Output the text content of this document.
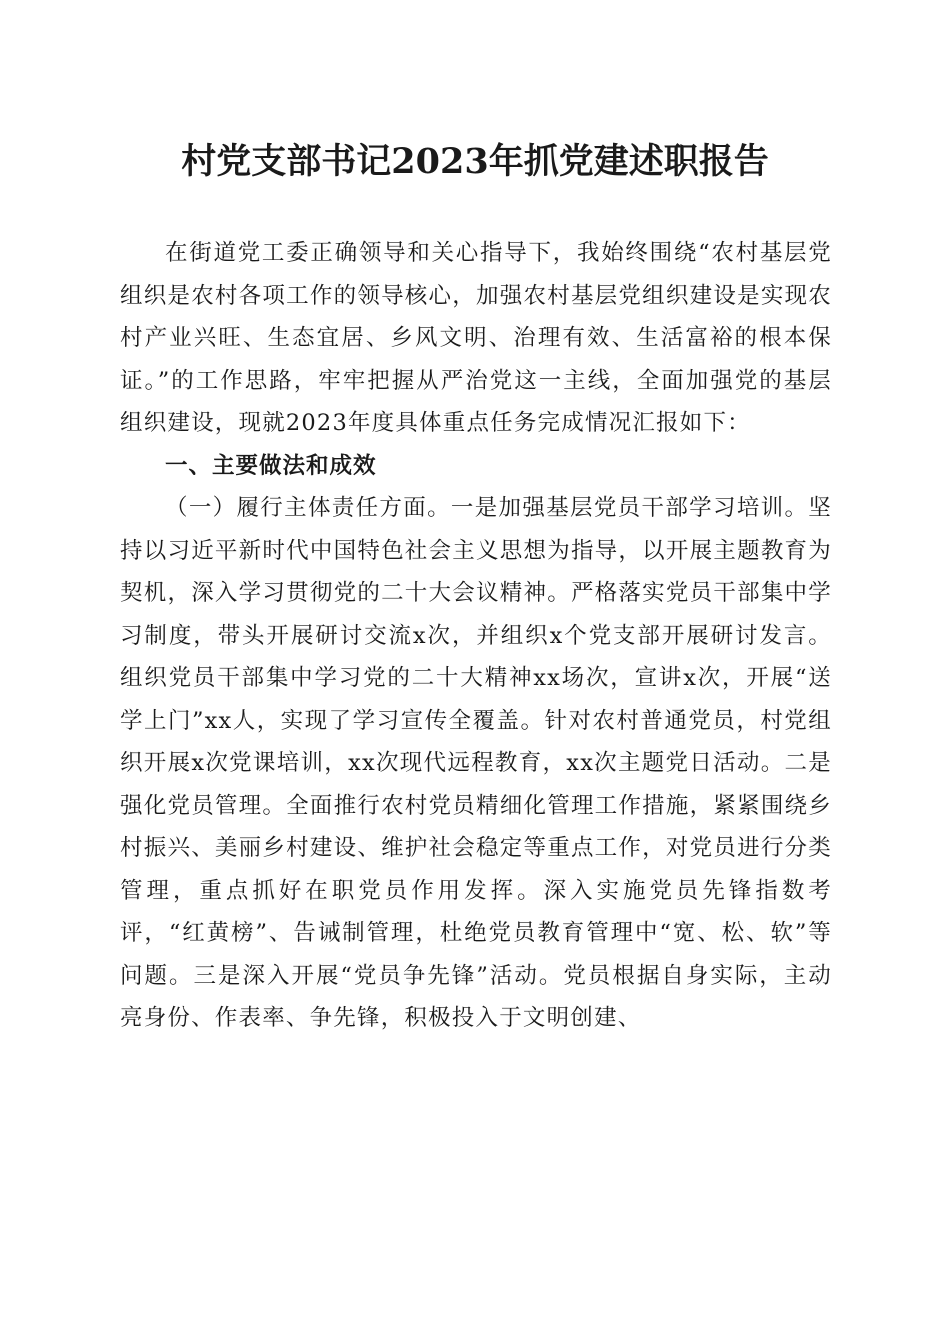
村党支部书记2023年抓党建述职报告

在街道党工委正确领导和关心指导下，我始终围绕“农村基层党组织是农村各项工作的领导核心，加强农村基层党组织建设是实现农村产业兴旺、生态宜居、乡风文明、治理有效、生活富裕的根本保证。”的工作思路，牢牢把握从严治党这一主线，全面加强党的基层组织建设，现就2023年度具体重点任务完成情况汇报如下：

一、主要做法和成效

（一）履行主体责任方面。一是加强基层党员干部学习培训。坚持以习近平新时代中国特色社会主义思想为指导，以开展主题教育为契机，深入学习贯彻党的二十大会议精神。严格落实党员干部集中学习制度，带头开展研讨交流x次，并组织x个党支部开展研讨发言。组织党员干部集中学习党的二十大精神xx场次，宣讲x次，开展“送学上门”xx人，实现了学习宣传全覆盖。针对农村普通党员，村党组织开展x次党课培训，xx次现代远程教育，xx次主题党日活动。二是强化党员管理。全面推行农村党员精细化管理工作措施，紧紧围绕乡村振兴、美丽乡村建设、维护社会稳定等重点工作，对党员进行分类管理，重点抓好在职党员作用发挥。深入实施党员先锋指数考评，“红黄榜”、告诫制管理，杜绝党员教育管理中“宽、松、软”等问题。三是深入开展“党员争先锋”活动。党员根据自身实际，主动亮身份、作表率、争先锋，积极投入于文明创建、
